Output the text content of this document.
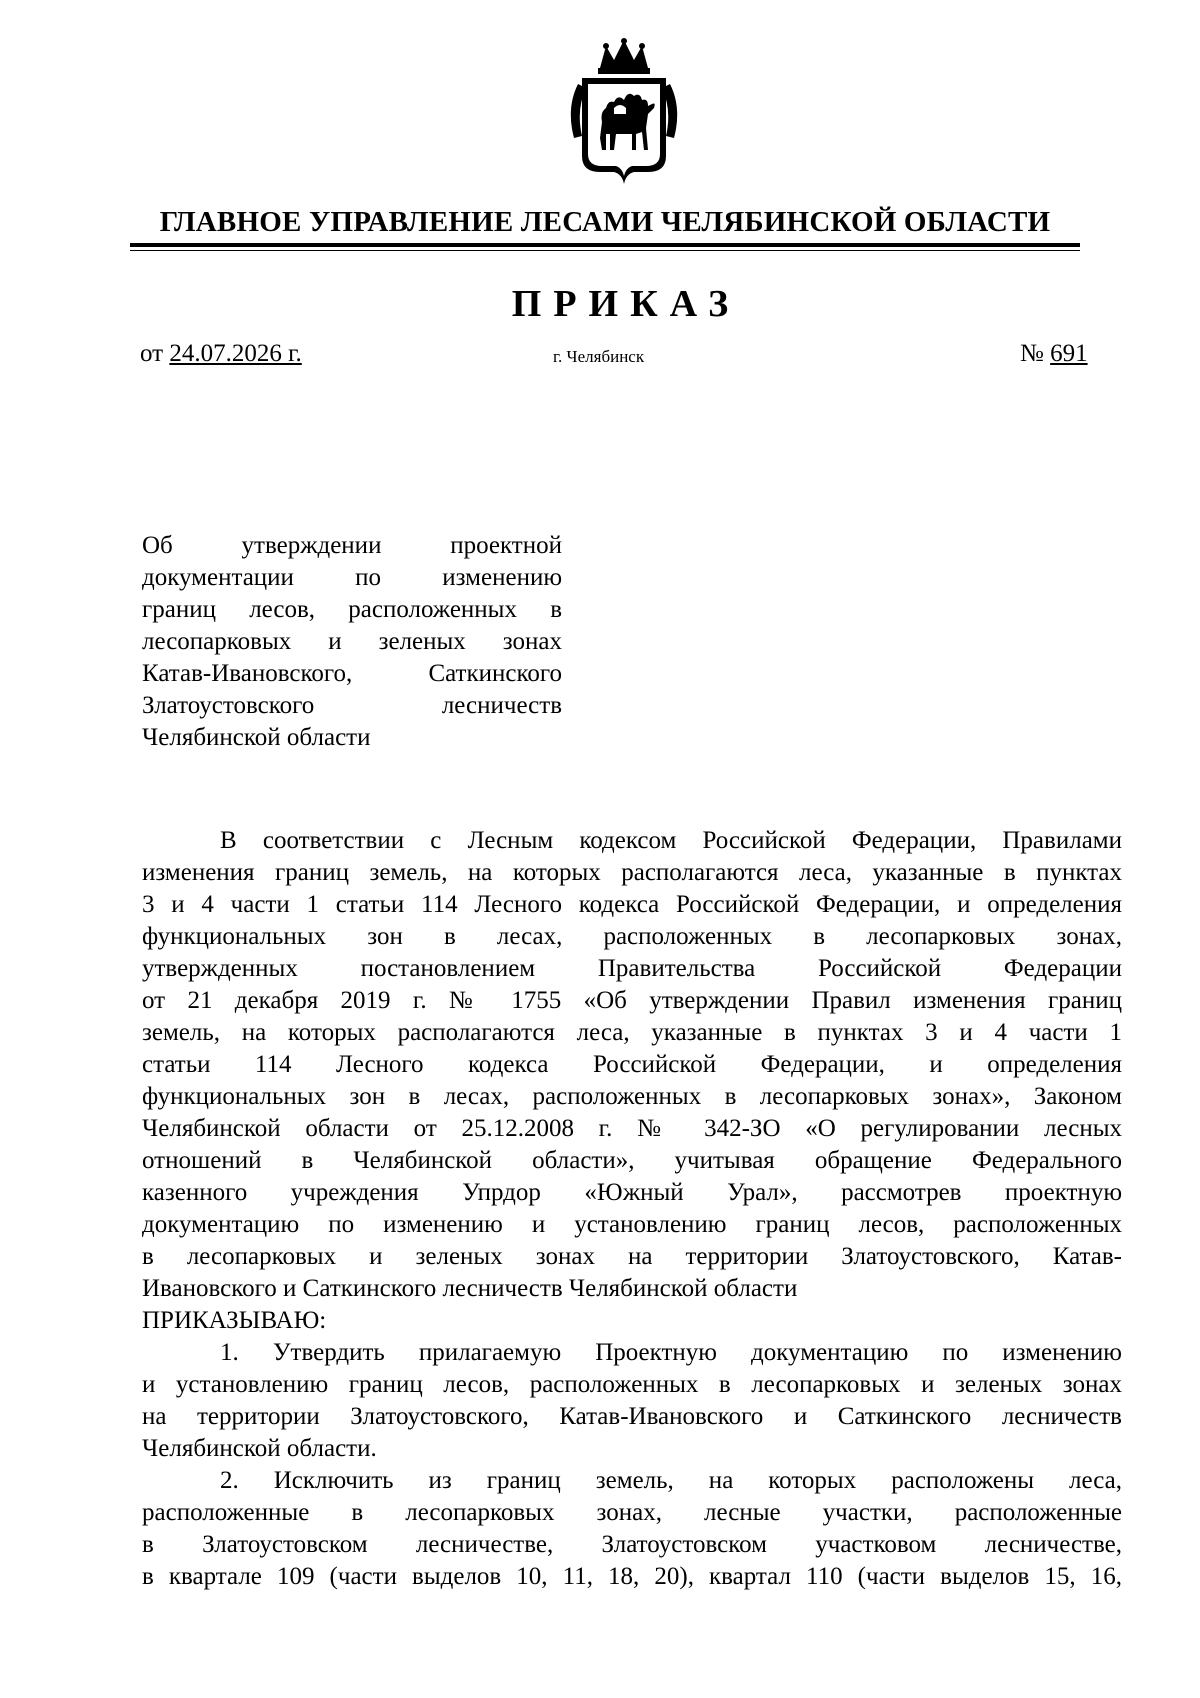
ГЛАВНОЕ УПРАВЛЕНИЕ ЛЕСАМИ ЧЕЛЯБИНСКОЙ ОБЛАСТИ
ПРИКАЗ
от 24.07.2026 г.	г. Челябинск	№ 691
Об утверждении проектной
документации по изменению
границ лесов, расположенных в
лесопарковых и зеленых зонах
Катав-Ивановского, Саткинского
Златоустовского лесничеств
Челябинской области
В соответствии с Лесным кодексом Российской Федерации, Правилами
изменения границ земель, на которых располагаются леса, указанные в пунктах
3 и 4 части 1 статьи 114 Лесного кодекса Российской Федерации, и определения
функциональных зон в лесах, расположенных в лесопарковых зонах,
утвержденных постановлением Правительства Российской Федерации
от 21 декабря 2019 г. № 1755 «Об утверждении Правил изменения границ
земель, на которых располагаются леса, указанные в пунктах 3 и 4 части 1
статьи 114 Лесного кодекса Российской Федерации, и определения
функциональных зон в лесах, расположенных в лесопарковых зонах», Законом
Челябинской области от 25.12.2008 г. № 342-ЗО «О регулировании лесных
отношений в Челябинской области», учитывая обращение Федерального
казенного учреждения Упрдор «Южный Урал», рассмотрев проектную
документацию по изменению и установлению границ лесов, расположенных
в лесопарковых и зеленых зонах на территории Златоустовского, Катав-
Ивановского и Саткинского лесничеств Челябинской области
ПРИКАЗЫВАЮ:
1. Утвердить прилагаемую Проектную документацию по изменению
и установлению границ лесов, расположенных в лесопарковых и зеленых зонах
на территории Златоустовского, Катав-Ивановского и Саткинского лесничеств
Челябинской области.
2. Исключить из границ земель, на которых расположены леса,
расположенные в лесопарковых зонах, лесные участки, расположенные
в Златоустовском лесничестве, Златоустовском участковом лесничестве,
в квартале 109 (части выделов 10, 11, 18, 20), квартал 110 (части выделов 15, 16,
